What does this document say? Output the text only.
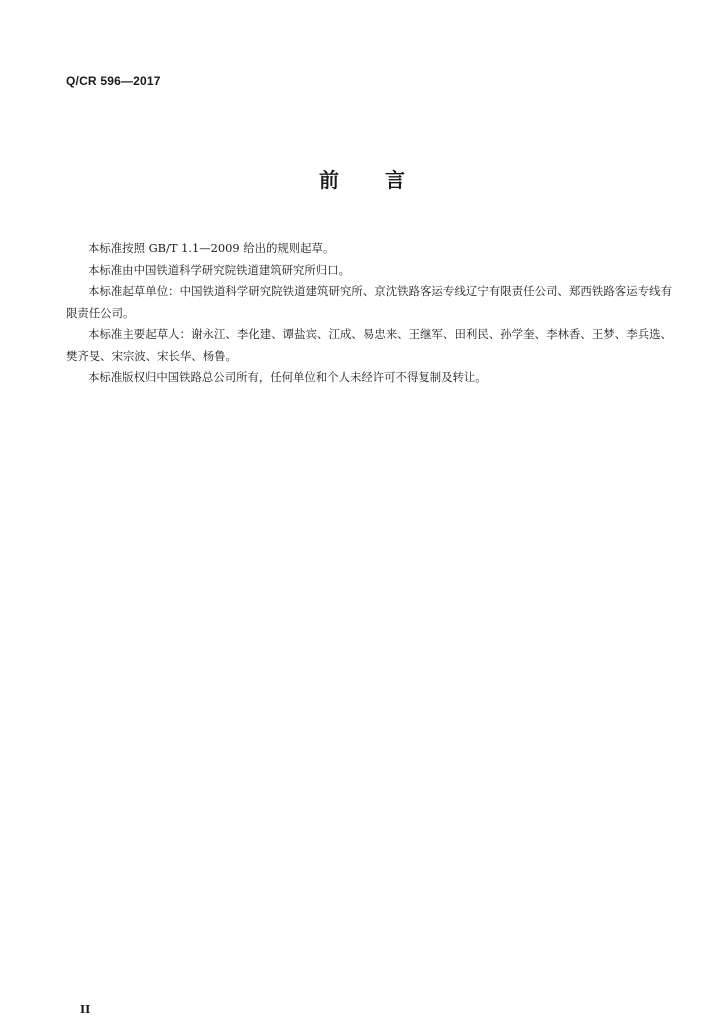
Q/CR 596—2017
前言

本标准按照 GB/T 1.1—2009 给出的规则起草。

本标准由中国铁道科学研究院铁道建筑研究所归口。

本标准起草单位：中国铁道科学研究院铁道建筑研究所、京沈铁路客运专线辽宁有限责任公司、郑西铁路客运专线有限责任公司。

本标准主要起草人：谢永江、李化建、谭盐宾、江成、易忠来、王继军、田利民、孙学奎、李林香、王梦、李兵选、樊齐旻、宋宗波、宋长华、杨鲁。

本标准版权归中国铁路总公司所有，任何单位和个人未经许可不得复制及转让。

II
